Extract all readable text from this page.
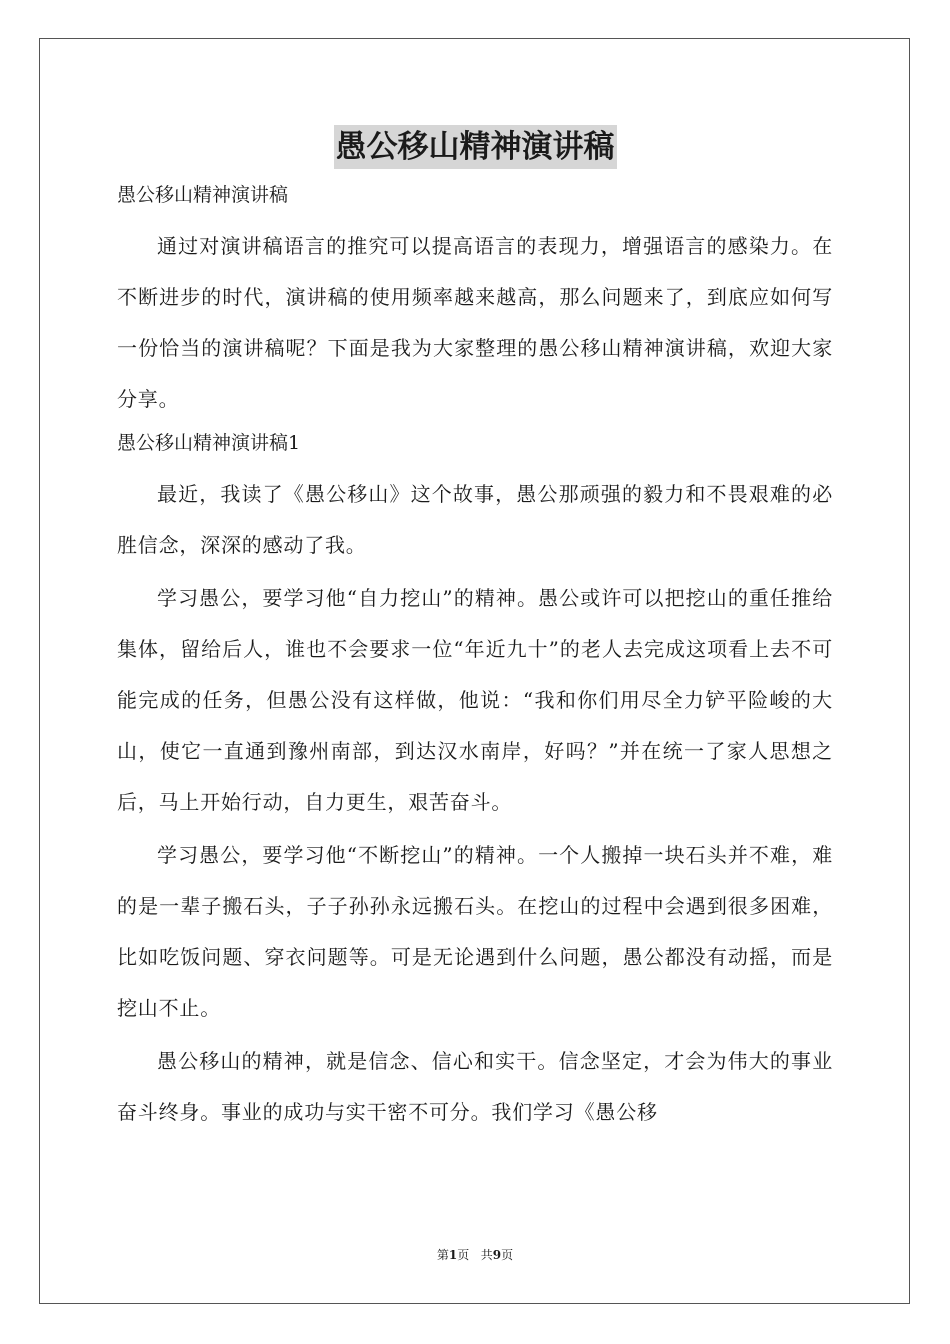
愚公移山精神演讲稿
愚公移山精神演讲稿

通过对演讲稿语言的推究可以提高语言的表现力，增强语言的感染力。在不断进步的时代，演讲稿的使用频率越来越高，那么问题来了，到底应如何写一份恰当的演讲稿呢？下面是我为大家整理的愚公移山精神演讲稿，欢迎大家分享。

愚公移山精神演讲稿1

最近，我读了《愚公移山》这个故事，愚公那顽强的毅力和不畏艰难的必胜信念，深深的感动了我。

学习愚公，要学习他“自力挖山”的精神。愚公或许可以把挖山的重任推给集体，留给后人，谁也不会要求一位“年近九十”的老人去完成这项看上去不可能完成的任务，但愚公没有这样做，他说：“我和你们用尽全力铲平险峻的大山，使它一直通到豫州南部，到达汉水南岸，好吗？”并在统一了家人思想之后，马上开始行动，自力更生，艰苦奋斗。

学习愚公，要学习他“不断挖山”的精神。一个人搬掉一块石头并不难，难的是一辈子搬石头，子子孙孙永远搬石头。在挖山的过程中会遇到很多困难，比如吃饭问题、穿衣问题等。可是无论遇到什么问题，愚公都没有动摇，而是挖山不止。

愚公移山的精神，就是信念、信心和实干。信念坚定，才会为伟大的事业奋斗终身。事业的成功与实干密不可分。我们学习《愚公移

第1页 共9页
